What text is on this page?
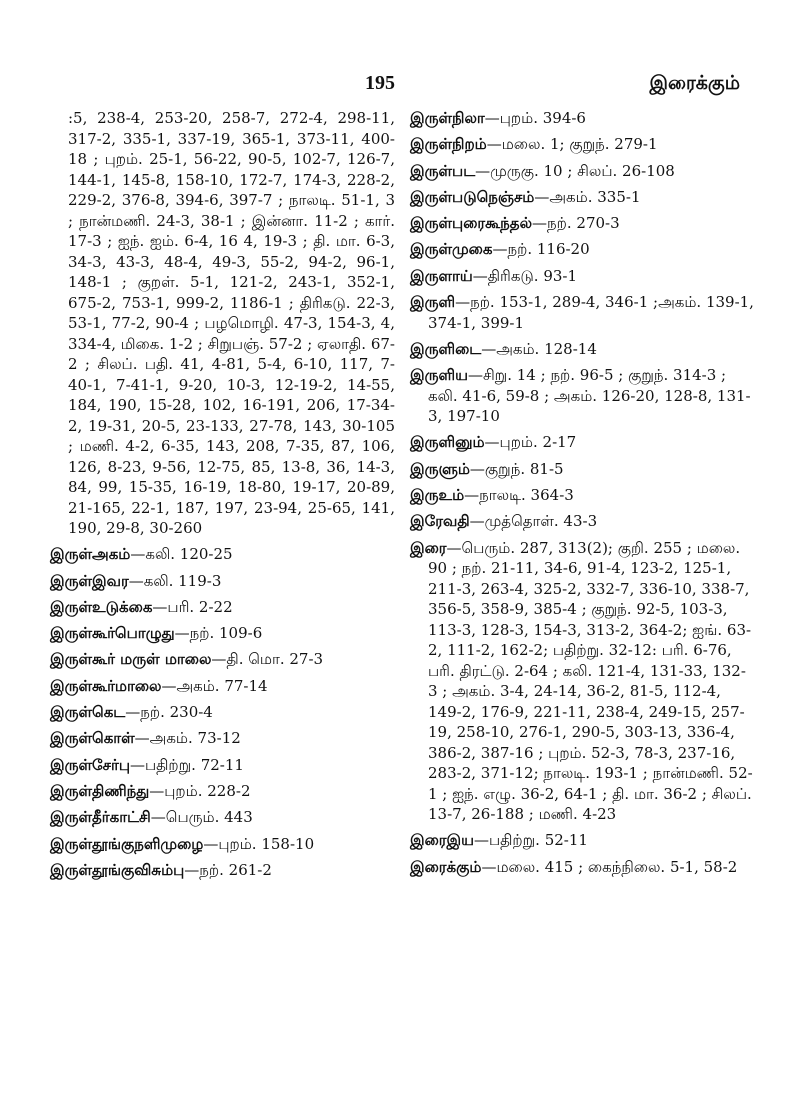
195	இரைக்கும்

:5, 238-4, 253-20, 258-7, 272-4, 298-11, 317-2, 335-1, 337-19, 365-1, 373-11, 400-18 ; புறம். 25-1, 56-22, 90-5, 102-7, 126-7, 144-1, 145-8, 158-10, 172-7, 174-3, 228-2, 229-2, 376-8, 394-6, 397-7 ; நாலடி. 51-1, 3 ; நான்மணி. 24-3, 38-1 ; இன்னா. 11-2 ; கார். 17-3 ; ஐந். ஐம். 6-4, 16 4, 19-3 ; தி. மா. 6-3, 34-3, 43-3, 48-4, 49-3, 55-2, 94-2, 96-1, 148-1 ; குறள். 5-1, 121-2, 243-1, 352-1, 675-2, 753-1, 999-2, 1186-1 ; திரிகடு. 22-3, 53-1, 77-2, 90-4 ; பழமொழி. 47-3, 154-3, 4, 334-4, மிகை. 1-2 ; சிறுபஞ். 57-2 ; ஏலாதி. 67-2 ; சிலப். பதி. 41, 4-81, 5-4, 6-10, 117, 7-40-1, 7-41-1, 9-20, 10-3, 12-19-2, 14-55, 184, 190, 15-28, 102, 16-191, 206, 17-34-2, 19-31, 20-5, 23-133, 27-78, 143, 30-105 ; மணி. 4-2, 6-35, 143, 208, 7-35, 87, 106, 126, 8-23, 9-56, 12-75, 85, 13-8, 36, 14-3, 84, 99, 15-35, 16-19, 18-80, 19-17, 20-89, 21-165, 22-1, 187, 197, 23-94, 25-65, 141, 190, 29-8, 30-260

இருள்அகம்—கலி. 120-25

இருள்இவர—கலி. 119-3

இருள்உடுக்கை—பரி. 2-22

இருள்கூர்பொழுது—நற். 109-6

இருள்கூர் மருள் மாலை—தி. மொ. 27-3

இருள்கூர்மாலை—அகம். 77-14

இருள்கெட—நற். 230-4

இருள்கொள்—அகம். 73-12

இருள்சேர்பு—பதிற்று. 72-11

இருள்திணிந்து—புறம். 228-2

இருள்தீர்காட்சி—பெரும். 443

இருள்தூங்குநளிமுழை—புறம். 158-10

இருள்தூங்குவிசும்பு—நற். 261-2

இருள்நிலா—புறம். 394-6

இருள்நிறம்—மலை. 1; குறுந். 279-1

இருள்பட—முருகு. 10 ; சிலப். 26-108

இருள்படுநெஞ்சம்—அகம். 335-1

இருள்புரைகூந்தல்—நற். 270-3

இருள்முகை—நற். 116-20

இருளாய்—திரிகடு. 93-1

இருளி—நற். 153-1, 289-4, 346-1 ;அகம். 139-1, 374-1, 399-1

இருளிடை—அகம். 128-14

இருளிய—சிறு. 14 ; நற். 96-5 ; குறுந். 314-3 ; கலி. 41-6, 59-8 ; அகம். 126-20, 128-8, 131-3, 197-10

இருளினும்—புறம். 2-17

இருளும்—குறுந். 81-5

இருஉம்—நாலடி. 364-3

இரேவதி—முத்தொள். 43-3

இரை—பெரும். 287, 313(2); குறி. 255 ; மலை. 90 ; நற். 21-11, 34-6, 91-4, 123-2, 125-1, 211-3, 263-4, 325-2, 332-7, 336-10, 338-7, 356-5, 358-9, 385-4 ; குறுந். 92-5, 103-3, 113-3, 128-3, 154-3, 313-2, 364-2; ஐங். 63-2, 111-2, 162-2; பதிற்று. 32-12: பரி. 6-76, பரி. திரட்டு. 2-64 ; கலி. 121-4, 131-33, 132-3 ; அகம். 3-4, 24-14, 36-2, 81-5, 112-4, 149-2, 176-9, 221-11, 238-4, 249-15, 257-19, 258-10, 276-1, 290-5, 303-13, 336-4, 386-2, 387-16 ; புறம். 52-3, 78-3, 237-16, 283-2, 371-12; நாலடி. 193-1 ; நான்மணி. 52-1 ; ஐந். எழு. 36-2, 64-1 ; தி. மா. 36-2 ; சிலப். 13-7, 26-188 ; மணி. 4-23

இரைஇய—பதிற்று. 52-11

இரைக்கும்—மலை. 415 ; கைந்நிலை. 5-1, 58-2
